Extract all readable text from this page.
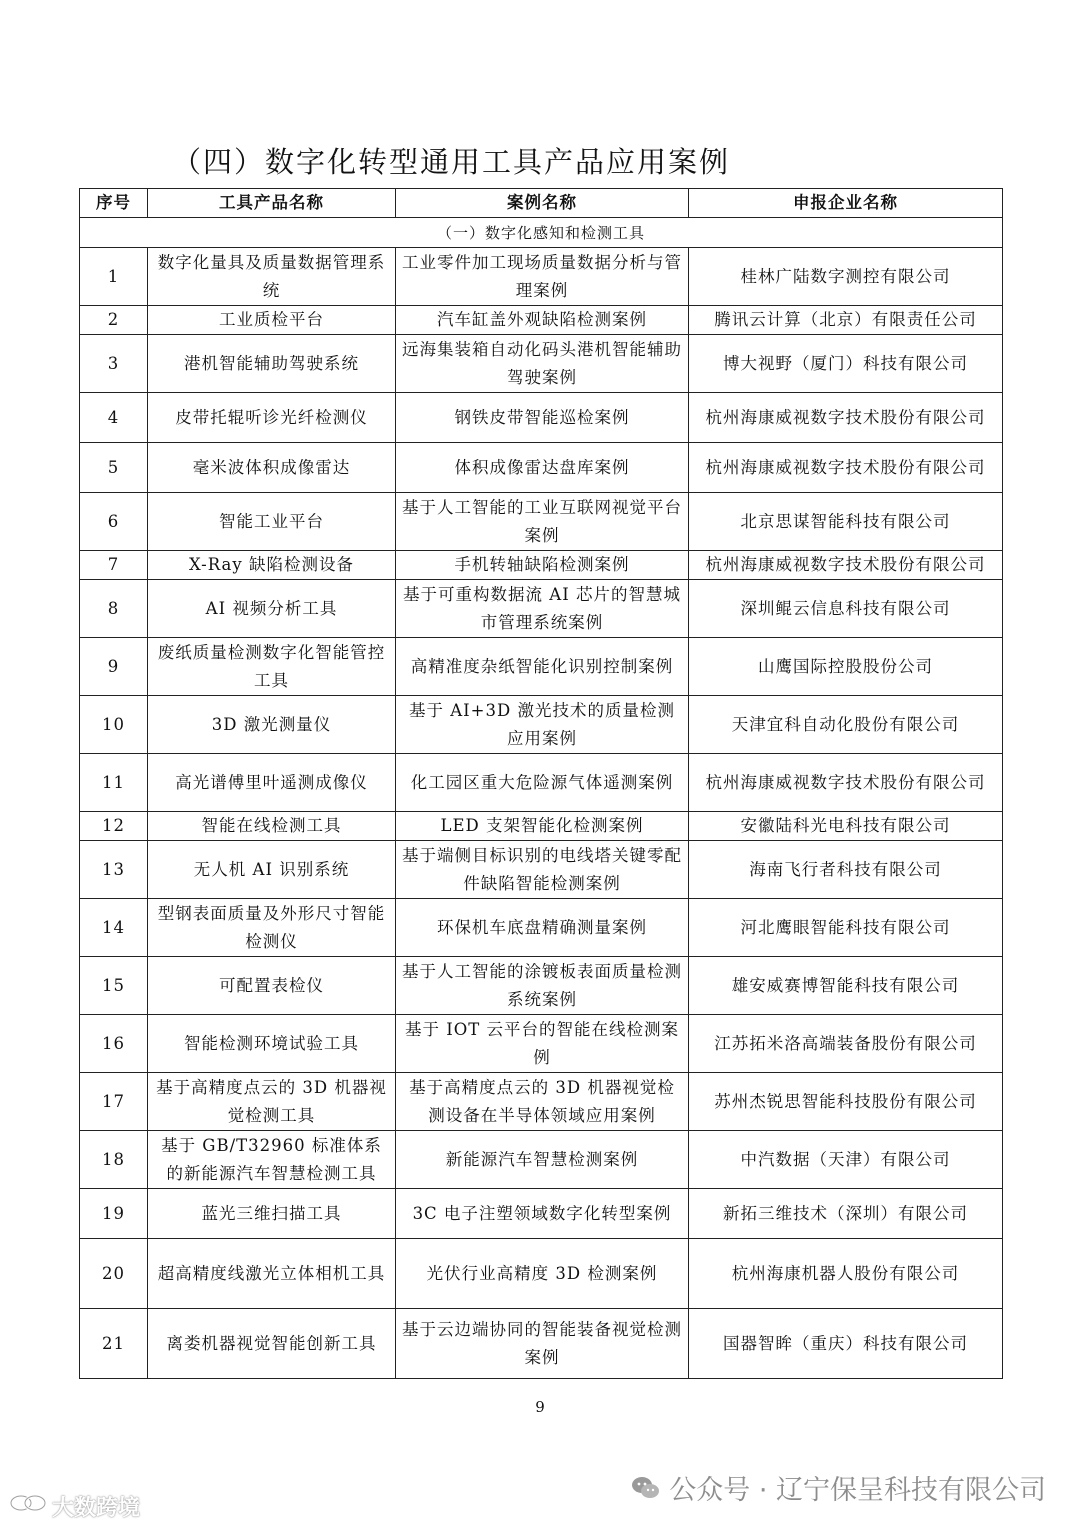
（四）数字化转型通用工具产品应用案例
序号	工具产品名称	案例名称	申报企业名称
（一）数字化感知和检测工具			
1	数字化量具及质量数据管理系统	工业零件加工现场质量数据分析与管理案例	桂林广陆数字测控有限公司
2	工业质检平台	汽车缸盖外观缺陷检测案例	腾讯云计算（北京）有限责任公司
3	港机智能辅助驾驶系统	远海集装箱自动化码头港机智能辅助驾驶案例	博大视野（厦门）科技有限公司
4	皮带托辊听诊光纤检测仪	钢铁皮带智能巡检案例	杭州海康威视数字技术股份有限公司
5	毫米波体积成像雷达	体积成像雷达盘库案例	杭州海康威视数字技术股份有限公司
6	智能工业平台	基于人工智能的工业互联网视觉平台案例	北京思谋智能科技有限公司
7	X-Ray 缺陷检测设备	手机转轴缺陷检测案例	杭州海康威视数字技术股份有限公司
8	AI 视频分析工具	基于可重构数据流 AI 芯片的智慧城市管理系统案例	深圳鲲云信息科技有限公司
9	废纸质量检测数字化智能管控工具	高精准度杂纸智能化识别控制案例	山鹰国际控股股份公司
10	3D 激光测量仪	基于 AI+3D 激光技术的质量检测应用案例	天津宜科自动化股份有限公司
11	高光谱傅里叶遥测成像仪	化工园区重大危险源气体遥测案例	杭州海康威视数字技术股份有限公司
12	智能在线检测工具	LED 支架智能化检测案例	安徽陆科光电科技有限公司
13	无人机 AI 识别系统	基于端侧目标识别的电线塔关键零配件缺陷智能检测案例	海南飞行者科技有限公司
14	型钢表面质量及外形尺寸智能检测仪	环保机车底盘精确测量案例	河北鹰眼智能科技有限公司
15	可配置表检仪	基于人工智能的涂镀板表面质量检测系统案例	雄安威赛博智能科技有限公司
16	智能检测环境试验工具	基于 IOT 云平台的智能在线检测案例	江苏拓米洛高端装备股份有限公司
17	基于高精度点云的 3D 机器视觉检测工具	基于高精度点云的 3D 机器视觉检测设备在半导体领域应用案例	苏州杰锐思智能科技股份有限公司
18	基于 GB/T32960 标准体系的新能源汽车智慧检测工具	新能源汽车智慧检测案例	中汽数据（天津）有限公司
19	蓝光三维扫描工具	3C 电子注塑领域数字化转型案例	新拓三维技术（深圳）有限公司
20	超高精度线激光立体相机工具	光伏行业高精度 3D 检测案例	杭州海康机器人股份有限公司
21	离娄机器视觉智能创新工具	基于云边端协同的智能装备视觉检测案例	国器智眸（重庆）科技有限公司
9
大数跨境
公众号 · 辽宁保呈科技有限公司
